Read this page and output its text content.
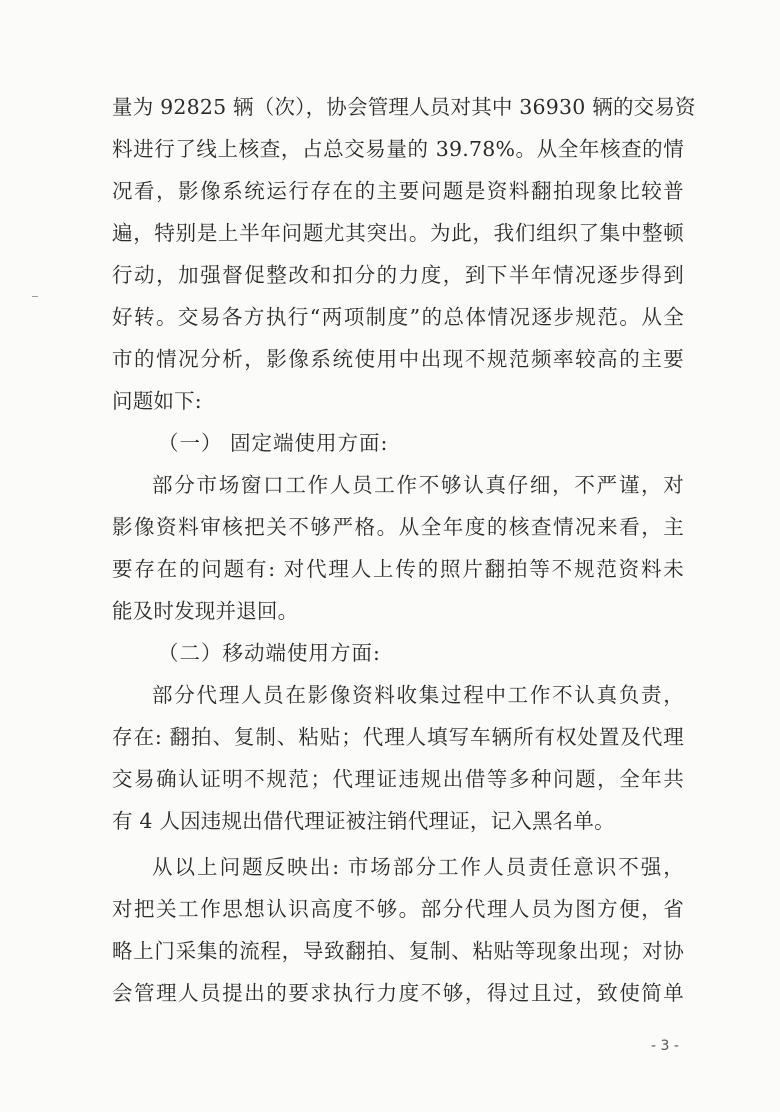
量为 92825 辆（次），协会管理人员对其中 36930 辆的交易资
料进行了线上核查，占总交易量的 39.78%。从全年核查的情
况看，影像系统运行存在的主要问题是资料翻拍现象比较普
遍，特别是上半年问题尤其突出。为此，我们组织了集中整顿
行动，加强督促整改和扣分的力度，到下半年情况逐步得到
好转。交易各方执行“两项制度”的总体情况逐步规范。从全
市的情况分析，影像系统使用中出现不规范频率较高的主要
问题如下:
（一） 固定端使用方面:
部分市场窗口工作人员工作不够认真仔细，不严谨，对
影像资料审核把关不够严格。从全年度的核查情况来看，主
要存在的问题有: 对代理人上传的照片翻拍等不规范资料未
能及时发现并退回。
（二）移动端使用方面:
部分代理人员在影像资料收集过程中工作不认真负责，
存在: 翻拍、复制、粘贴；代理人填写车辆所有权处置及代理
交易确认证明不规范；代理证违规出借等多种问题，全年共
有 4 人因违规出借代理证被注销代理证，记入黑名单。
从以上问题反映出: 市场部分工作人员责任意识不强，
对把关工作思想认识高度不够。部分代理人员为图方便，省
略上门采集的流程，导致翻拍、复制、粘贴等现象出现；对协
会管理人员提出的要求执行力度不够，得过且过，致使简单
- 3 -
